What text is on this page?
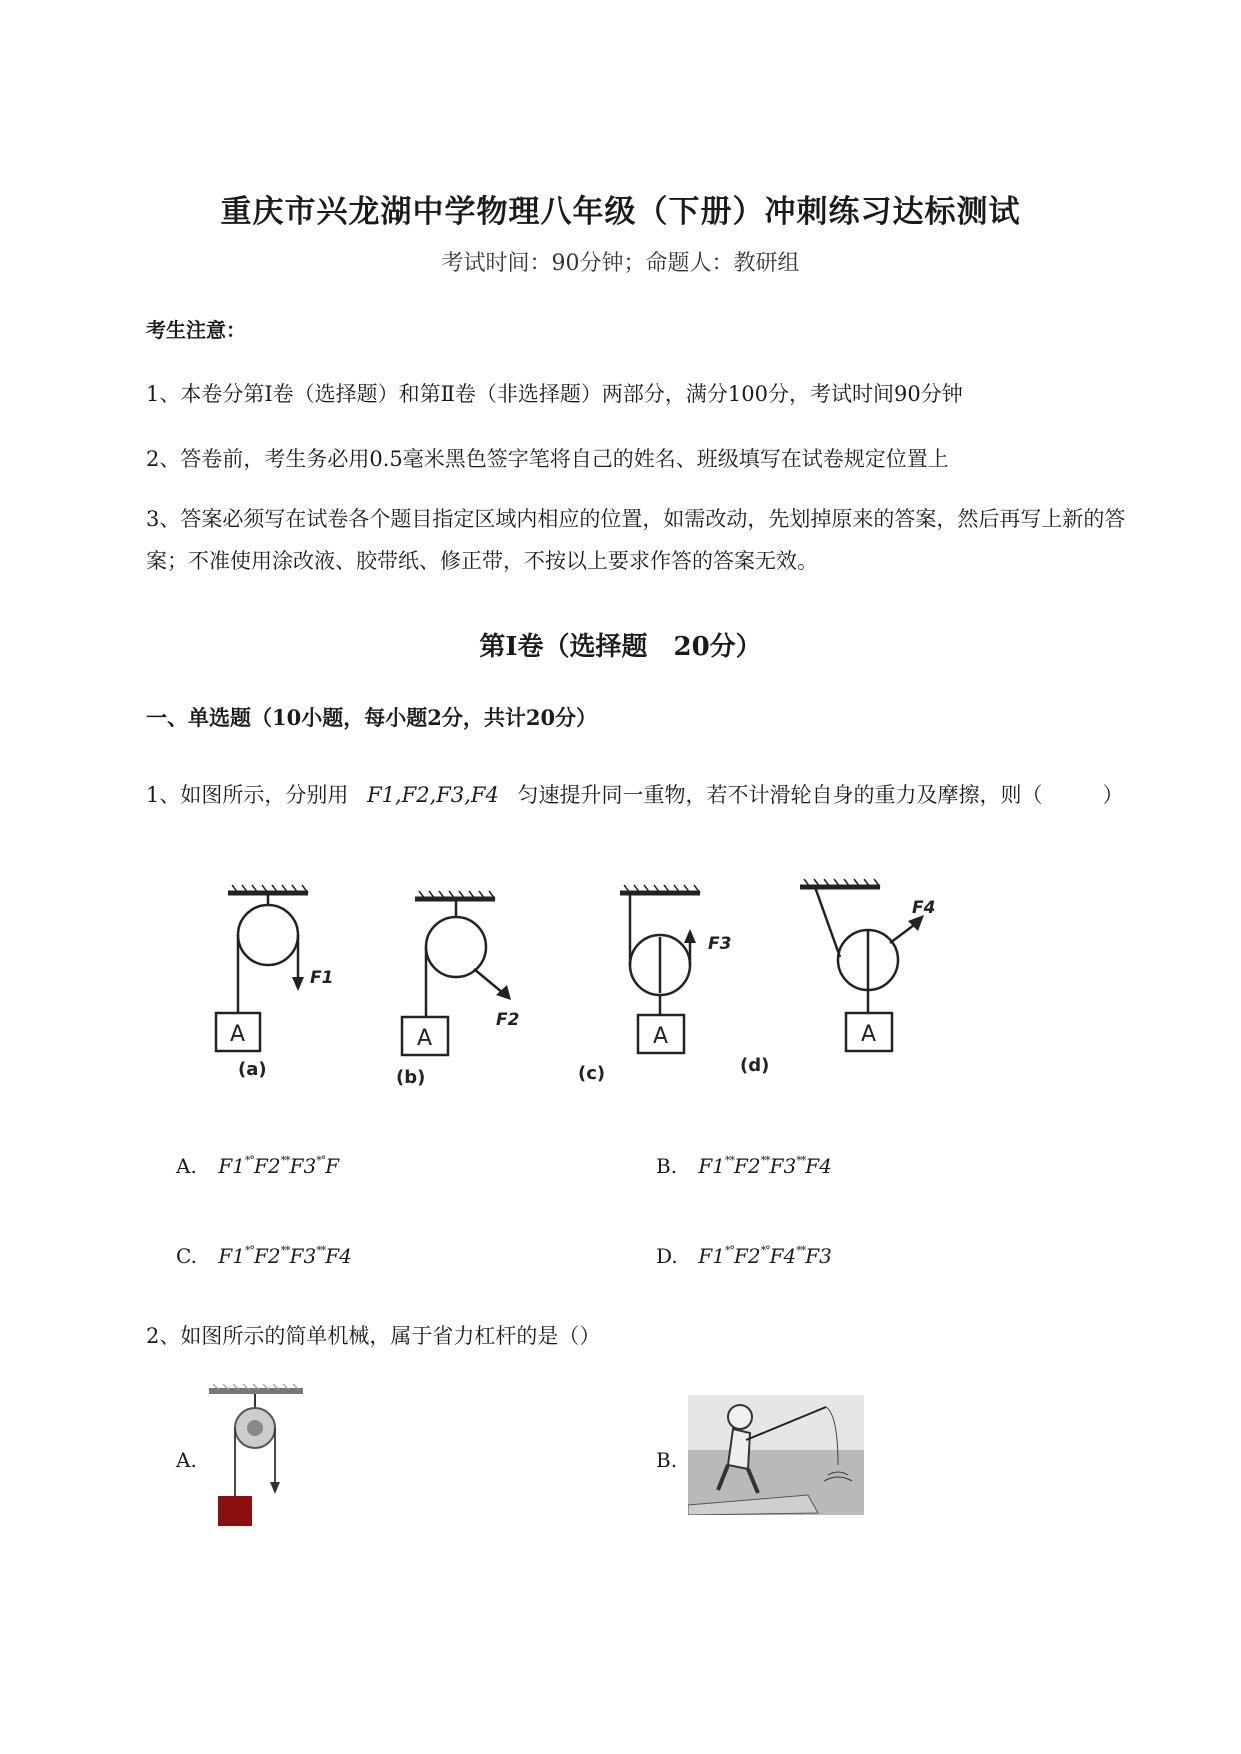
重庆市兴龙湖中学物理八年级（下册）冲刺练习达标测试
考试时间：90分钟；命题人：教研组
考生注意：
1、本卷分第Ⅰ卷（选择题）和第Ⅱ卷（非选择题）两部分，满分100分，考试时间90分钟
2、答卷前，考生务必用0.5毫米黑色签字笔将自己的姓名、班级填写在试卷规定位置上
3、答案必须写在试卷各个题目指定区域内相应的位置，如需改动，先划掉原来的答案，然后再写上新的答案；不准使用涂改液、胶带纸、修正带，不按以上要求作答的答案无效。
第Ⅰ卷（选择题　20分）
一、单选题（10小题，每小题2分，共计20分）
1、如图所示，分别用 F1,F2,F3,F4 匀速提升同一重物，若不计滑轮自身的重力及摩擦，则（	）
A	A	A	A
F1
F2
F3
F4
(a)	(b)	(c)	(d)
A. F1*°F2**F3*°F	B. F1**F2**F3**F4
C. F1*°F2**F3**F4	D. F1*°F2*°F4**F3
2、如图所示的简单机械，属于省力杠杆的是（）
A.	B.
